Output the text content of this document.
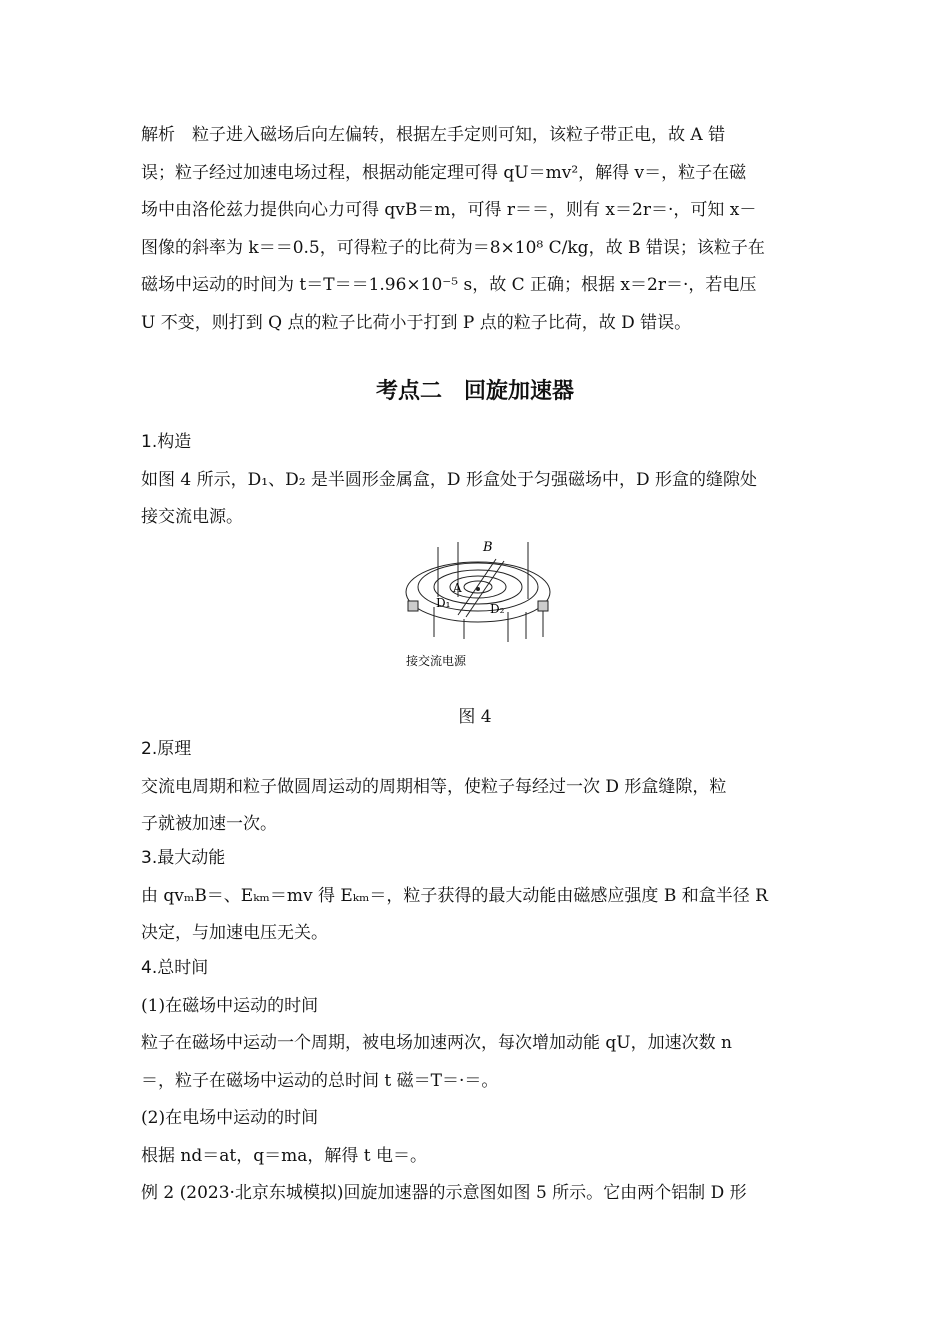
解析　粒子进入磁场后向左偏转，根据左手定则可知，该粒子带正电，故 A 错
误；粒子经过加速电场过程，根据动能定理可得 qU＝mv²，解得 v＝，粒子在磁
场中由洛伦兹力提供向心力可得 qvB＝m，可得 r＝＝，则有 x＝2r＝·，可知 x－
图像的斜率为 k＝＝0.5，可得粒子的比荷为＝8×10⁸ C/kg，故 B 错误；该粒子在
磁场中运动的时间为 t＝T＝＝1.96×10⁻⁵ s，故 C 正确；根据 x＝2r＝·，若电压
U 不变，则打到 Q 点的粒子比荷小于打到 P 点的粒子比荷，故 D 错误。
考点二　回旋加速器
1.构造
如图 4 所示，D₁、D₂ 是半圆形金属盒，D 形盒处于匀强磁场中，D 形盒的缝隙处
接交流电源。
B
A
D₁	D₂
接交流电源
图 4
2.原理
交流电周期和粒子做圆周运动的周期相等，使粒子每经过一次 D 形盒缝隙，粒
子就被加速一次。
3.最大动能
由 qvₘB＝、Eₖₘ＝mv 得 Eₖₘ＝，粒子获得的最大动能由磁感应强度 B 和盒半径 R
决定，与加速电压无关。
4.总时间
(1)在磁场中运动的时间
粒子在磁场中运动一个周期，被电场加速两次，每次增加动能 qU，加速次数 n
＝，粒子在磁场中运动的总时间 t 磁＝T＝·＝。
(2)在电场中运动的时间
根据 nd＝at，q＝ma，解得 t 电＝。
例 2 (2023·北京东城模拟)回旋加速器的示意图如图 5 所示。它由两个铝制 D 形
